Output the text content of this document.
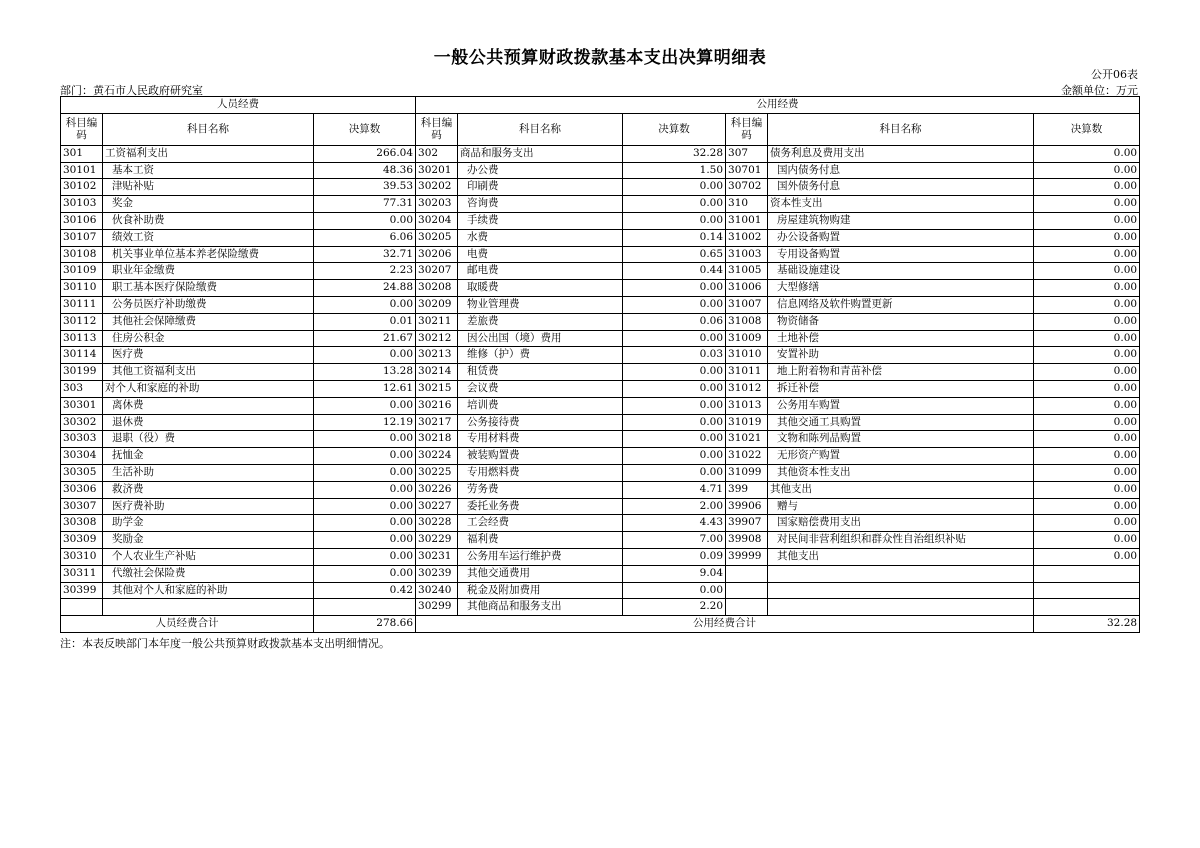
一般公共预算财政拨款基本支出决算明细表
公开06表
部门：黄石市人民政府研究室	金额单位：万元
人员经费			公用经费					
科目编码	科目名称	决算数	科目编码	科目名称	决算数	科目编码	科目名称	决算数
301	工资福利支出	266.04	302	商品和服务支出	32.28	307	债务利息及费用支出	0.00
30101	基本工资	48.36	30201	办公费	1.50	30701	国内债务付息	0.00
30102	津贴补贴	39.53	30202	印刷费	0.00	30702	国外债务付息	0.00
30103	奖金	77.31	30203	咨询费	0.00	310	资本性支出	0.00
30106	伙食补助费	0.00	30204	手续费	0.00	31001	房屋建筑物购建	0.00
30107	绩效工资	6.06	30205	水费	0.14	31002	办公设备购置	0.00
30108	机关事业单位基本养老保险缴费	32.71	30206	电费	0.65	31003	专用设备购置	0.00
30109	职业年金缴费	2.23	30207	邮电费	0.44	31005	基础设施建设	0.00
30110	职工基本医疗保险缴费	24.88	30208	取暖费	0.00	31006	大型修缮	0.00
30111	公务员医疗补助缴费	0.00	30209	物业管理费	0.00	31007	信息网络及软件购置更新	0.00
30112	其他社会保障缴费	0.01	30211	差旅费	0.06	31008	物资储备	0.00
30113	住房公积金	21.67	30212	因公出国（境）费用	0.00	31009	土地补偿	0.00
30114	医疗费	0.00	30213	维修（护）费	0.03	31010	安置补助	0.00
30199	其他工资福利支出	13.28	30214	租赁费	0.00	31011	地上附着物和青苗补偿	0.00
303	对个人和家庭的补助	12.61	30215	会议费	0.00	31012	拆迁补偿	0.00
30301	离休费	0.00	30216	培训费	0.00	31013	公务用车购置	0.00
30302	退休费	12.19	30217	公务接待费	0.00	31019	其他交通工具购置	0.00
30303	退职（役）费	0.00	30218	专用材料费	0.00	31021	文物和陈列品购置	0.00
30304	抚恤金	0.00	30224	被装购置费	0.00	31022	无形资产购置	0.00
30305	生活补助	0.00	30225	专用燃料费	0.00	31099	其他资本性支出	0.00
30306	救济费	0.00	30226	劳务费	4.71	399	其他支出	0.00
30307	医疗费补助	0.00	30227	委托业务费	2.00	39906	赠与	0.00
30308	助学金	0.00	30228	工会经费	4.43	39907	国家赔偿费用支出	0.00
30309	奖励金	0.00	30229	福利费	7.00	39908	对民间非营利组织和群众性自治组织补贴	0.00
30310	个人农业生产补贴	0.00	30231	公务用车运行维护费	0.09	39999	其他支出	0.00
30311	代缴社会保险费	0.00	30239	其他交通费用	9.04			
30399	其他对个人和家庭的补助	0.42	30240	税金及附加费用	0.00			
			30299	其他商品和服务支出	2.20			
人员经费合计		278.66	公用经费合计					32.28
注：本表反映部门本年度一般公共预算财政拨款基本支出明细情况。
